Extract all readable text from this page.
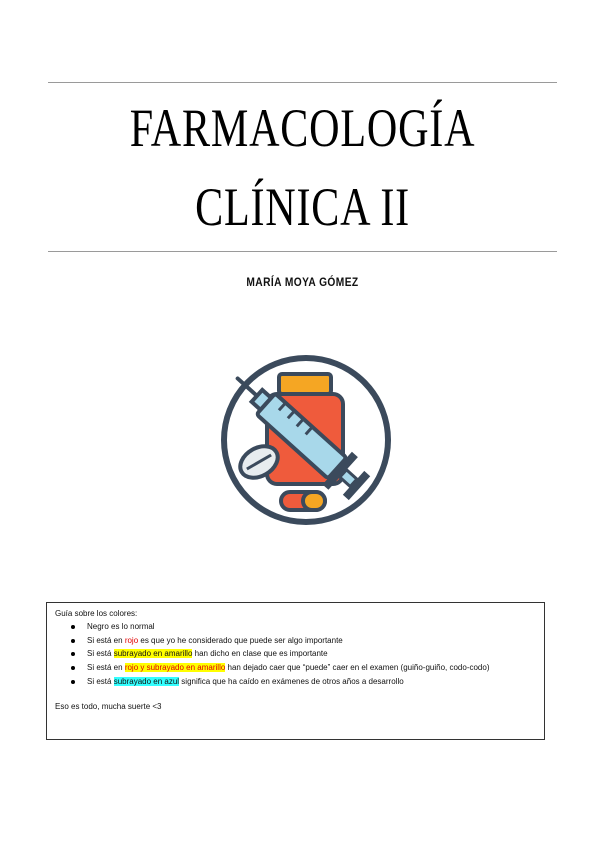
FARMACOLOGÍA
CLÍNICA II
MARÍA MOYA GÓMEZ

Guía sobre los colores:

Negro es lo normal
Si está en rojo es que yo he considerado que puede ser algo importante
Si está subrayado en amarillo han dicho en clase que es importante
Si está en rojo y subrayado en amarillo han dejado caer que “puede” caer en el examen (guiño-guiño, codo-codo)
Si está subrayado en azul significa que ha caído en exámenes de otros años a desarrollo

Eso es todo, mucha suerte <3
